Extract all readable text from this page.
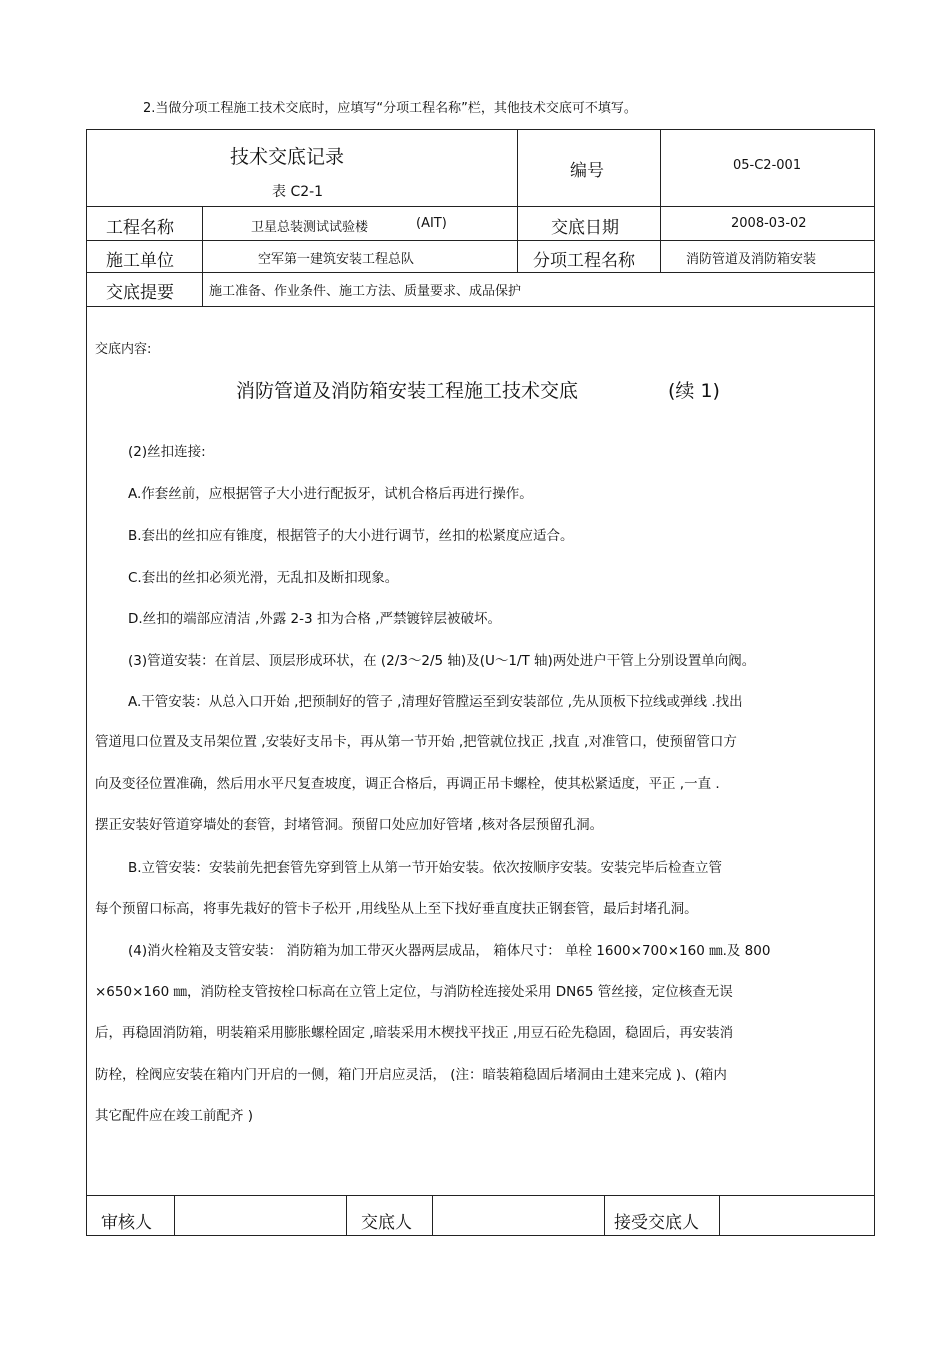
2.当做分项工程施工技术交底时，应填写“分项工程名称”栏，其他技术交底可不填写。
技术交底记录
表 C2-1
编号	05-C2-001
工程名称	卫星总装测试试验楼	(AIT)	交底日期	2008-03-02
施工单位	空军第一建筑安装工程总队	分项工程名称	消防管道及消防箱安装
交底提要	施工准备、作业条件、施工方法、质量要求、成品保护
交底内容:
消防管道及消防箱安装工程施工技术交底	(续 1)
(2)丝扣连接:
A.作套丝前，应根据管子大小进行配扳牙，试机合格后再进行操作。
B.套出的丝扣应有锥度，根据管子的大小进行调节，丝扣的松紧度应适合。
C.套出的丝扣必须光滑，无乱扣及断扣现象。
D.丝扣的端部应清洁 ,外露 2-3 扣为合格 ,严禁镀锌层被破坏。
(3)管道安装：在首层、顶层形成环状，在 (2/3～2/5 轴)及(U～1/T 轴)两处进户干管上分别设置单向阀。
A.干管安装：从总入口开始 ,把预制好的管子 ,清理好管膛运至到安装部位 ,先从顶板下拉线或弹线 .找出
管道甩口位置及支吊架位置 ,安装好支吊卡，再从第一节开始 ,把管就位找正 ,找直 ,对准管口，使预留管口方
向及变径位置准确，然后用水平尺复查坡度，调正合格后，再调正吊卡螺栓，使其松紧适度，平正 ,一直 .
摆正安装好管道穿墙处的套管，封堵管洞。预留口处应加好管堵 ,核对各层预留孔洞。
B.立管安装：安装前先把套管先穿到管上从第一节开始安装。依次按顺序安装。安装完毕后检查立管
每个预留口标高，将事先栽好的管卡子松开 ,用线坠从上至下找好垂直度扶正钢套管，最后封堵孔洞。
(4)消火栓箱及支管安装： 消防箱为加工带灭火器两层成品， 箱体尺寸： 单栓 1600×700×160 ㎜.及 800
×650×160 ㎜，消防栓支管按栓口标高在立管上定位，与消防栓连接处采用 DN65 管丝接，定位核查无误
后，再稳固消防箱，明装箱采用膨胀螺栓固定 ,暗装采用木楔找平找正 ,用豆石砼先稳固，稳固后，再安装消
防栓，栓阀应安装在箱内门开启的一侧，箱门开启应灵活， (注：暗装箱稳固后堵洞由土建来完成 )、(箱内
其它配件应在竣工前配齐 )
审核人	交底人	接受交底人
